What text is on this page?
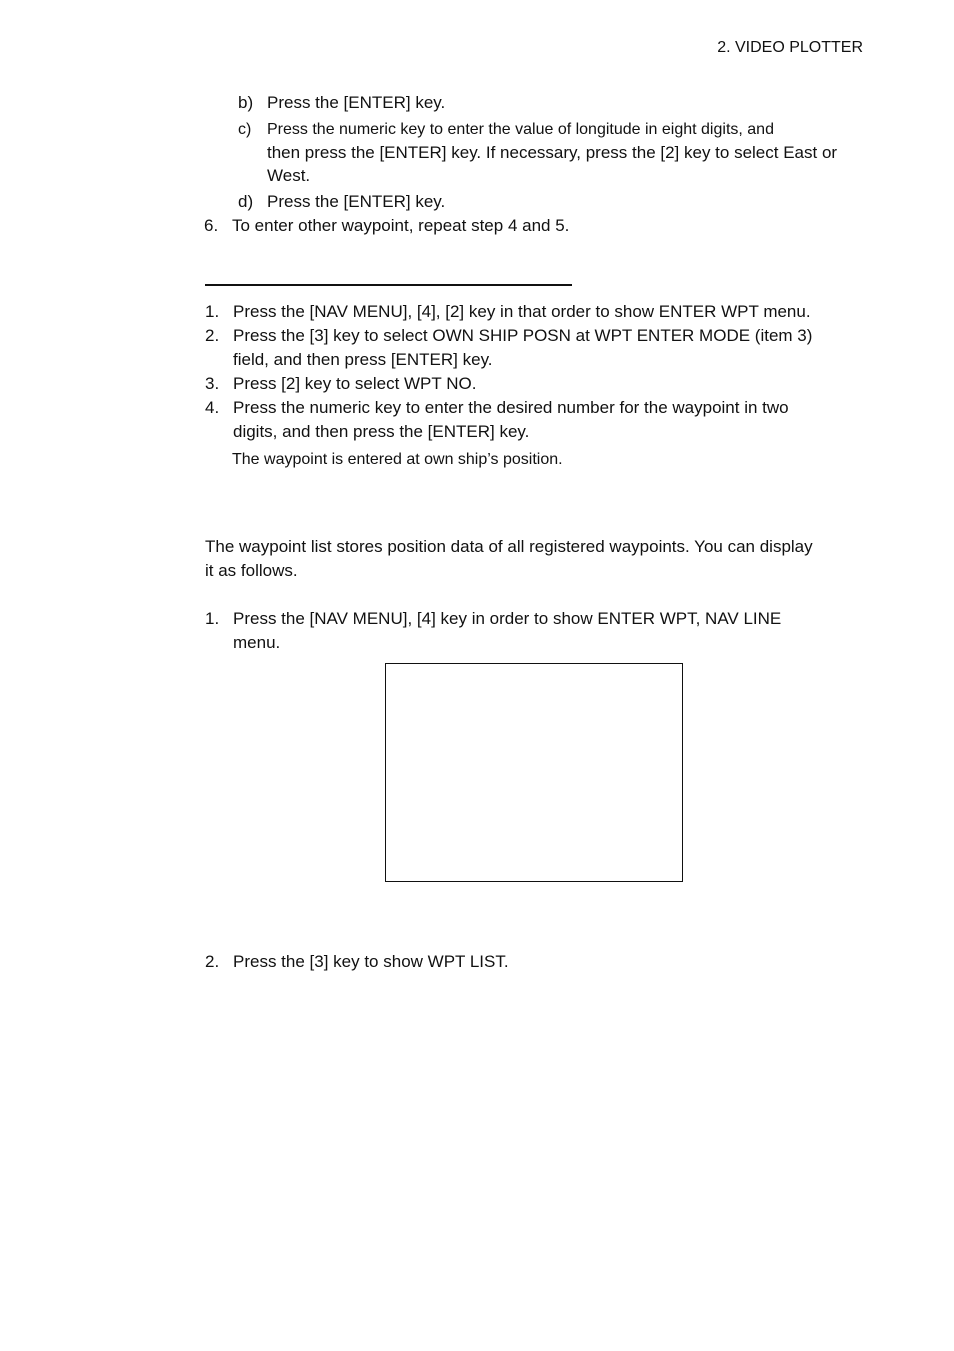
2. VIDEO PLOTTER
b) Press the [ENTER] key.
c) Press the numeric key to enter the value of longitude in eight digits, and
then press the [ENTER] key. If necessary, press the [2] key to select East or
West.
d) Press the [ENTER] key.
6. To enter other waypoint, repeat step 4 and 5.
1. Press the [NAV MENU], [4], [2] key in that order to show ENTER WPT menu.
2. Press the [3] key to select OWN SHIP POSN at WPT ENTER MODE (item 3)
field, and then press [ENTER] key.
3. Press [2] key to select WPT NO.
4. Press the numeric key to enter the desired number for the waypoint in two
digits, and then press the [ENTER] key.
The waypoint is entered at own ship’s position.
The waypoint list stores position data of all registered waypoints. You can display
it as follows.
1. Press the [NAV MENU], [4] key in order to show ENTER WPT, NAV LINE
menu.
2. Press the [3] key to show WPT LIST.
